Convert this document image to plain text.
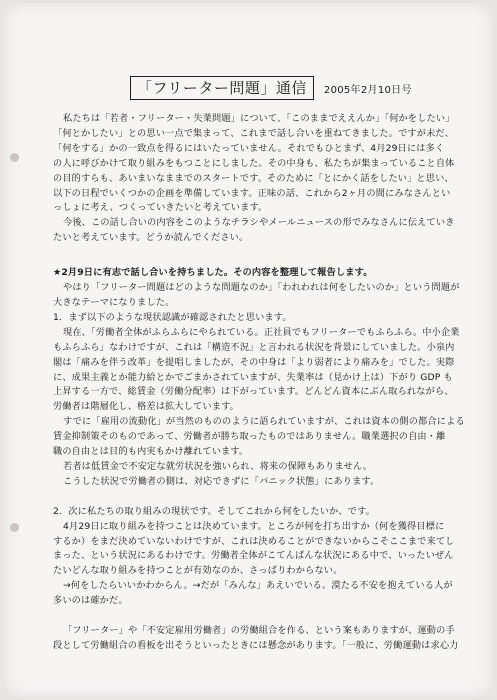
「フリーター問題」通信	2005年2月10日号

私たちは「若者・フリーター・失業問題」について、「このままでええんか」「何かをしたい」

「何とかしたい」との思い一点で集まって、これまで話し合いを重ねてきました。ですが未だ、

「何をする」かの一致点を得るにはいたっていません。それでもひとまず、4月29日には多く

の人に呼びかけて取り組みをもつことにしました。その中身も、私たちが集まっていること自体

の目的すらも、あいまいなままでのスタートです。そのために「とにかく話をしたい」と思い、

以下の日程でいくつかの企画を準備しています。正味の話、これから2ヶ月の間にみなさんとい

っしょに考え、つくっていきたいと考えています。

今後、この話し合いの内容をこのようなチラシやメールニュースの形でみなさんに伝えていき

たいと考えています。どうか読んでください。

★2月9日に有志で話し合いを持ちました。その内容を整理して報告します。

やはり「フリーター問題はどのような問題なのか」「われわれは何をしたいのか」という問題が

大きなテーマになりました。

1．まず以下のような現状認識が確認されたと思います。

現在、「労働者全体がふらふらにやられている。正社員でもフリーターでもふらふら。中小企業

もふらふら」なわけですが、これは「構造不況」と言われる状況を背景にしていました。小泉内

閣は「痛みを伴う改革」を提唱しましたが、その中身は「より弱者により痛みを」でした。実際

に、成果主義とか能力給とかでごまかされていますが、失業率は（見かけ上は）下がり GDP も

上昇する一方で、総賃金（労働分配率）は下がっています。どんどん資本にぶん取られながら、

労働者は階層化し、格差は拡大しています。

すでに「雇用の流動化」が当然のもののように語られていますが、これは資本の側の都合による

賃金抑制策そのものであって、労働者が勝ち取ったものではありません。職業選択の自由・離

職の自由とは目的も内実もかけ離れています。

若者は低賃金で不安定な就労状況を強いられ、将来の保障もありません。

こうした状況で労働者の側は、対応できずに「パニック状態」にあります。

2．次に私たちの取り組みの現状です。そしてこれから何をしたいか、です。

4月29日に取り組みを持つことは決めています。ところが何を打ち出すか（何を獲得目標に

するか）をまだ決めていないわけですが、これは決めることができないからこそここまで来てし

まった、という状況にあるわけです。労働者全体がこてんぱんな状況にある中で、いったいぜん

たいどんな取り組みを持つことが有効なのか、さっぱりわからない。

→何をしたらいいかわからん。→だが「みんな」あえいでいる。漠たる不安を抱えている人が

多いのは確かだ。

「フリーター」や「不安定雇用労働者」の労働組合を作る、という案もありますが、運動の手

段として労働組合の看板を出そうといったときには懸念があります。「一般に、労働運動は求心力
